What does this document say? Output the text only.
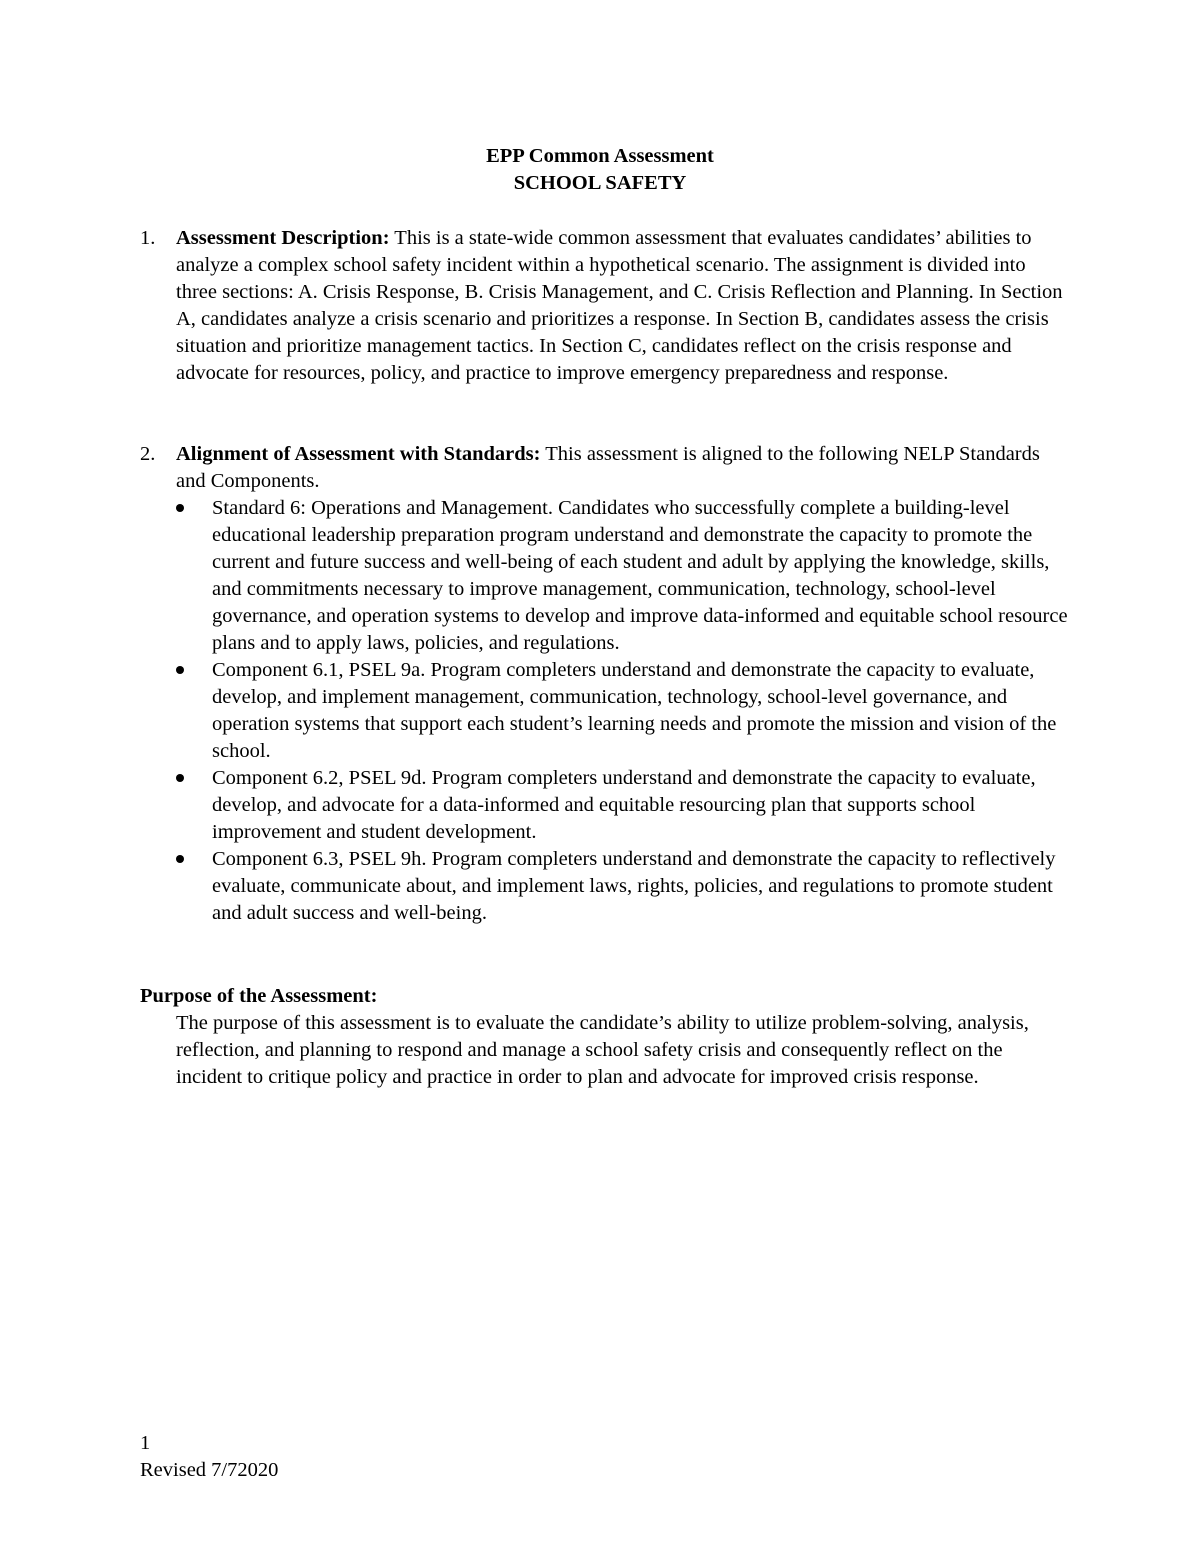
EPP Common Assessment
SCHOOL SAFETY
1.	Assessment Description: This is a state-wide common assessment that evaluates candidates’ abilities to analyze a complex school safety incident within a hypothetical scenario. The assignment is divided into three sections: A. Crisis Response, B. Crisis Management, and C. Crisis Reflection and Planning. In Section A, candidates analyze a crisis scenario and prioritizes a response. In Section B, candidates assess the crisis situation and prioritize management tactics. In Section C, candidates reflect on the crisis response and advocate for resources, policy, and practice to improve emergency preparedness and response.
2.	Alignment of Assessment with Standards: This assessment is aligned to the following NELP Standards and Components.
Standard 6: Operations and Management. Candidates who successfully complete a building-level educational leadership preparation program understand and demonstrate the capacity to promote the current and future success and well-being of each student and adult by applying the knowledge, skills, and commitments necessary to improve management, communication, technology, school-level governance, and operation systems to develop and improve data-informed and equitable school resource plans and to apply laws, policies, and regulations.
Component 6.1, PSEL 9a. Program completers understand and demonstrate the capacity to evaluate, develop, and implement management, communication, technology, school-level governance, and operation systems that support each student’s learning needs and promote the mission and vision of the school.
Component 6.2, PSEL 9d. Program completers understand and demonstrate the capacity to evaluate, develop, and advocate for a data-informed and equitable resourcing plan that supports school improvement and student development.
Component 6.3, PSEL 9h. Program completers understand and demonstrate the capacity to reflectively evaluate, communicate about, and implement laws, rights, policies, and regulations to promote student and adult success and well-being.
Purpose of the Assessment:
The purpose of this assessment is to evaluate the candidate’s ability to utilize problem-solving, analysis, reflection, and planning to respond and manage a school safety crisis and consequently reflect on the incident to critique policy and practice in order to plan and advocate for improved crisis response.
1
Revised 7/72020
